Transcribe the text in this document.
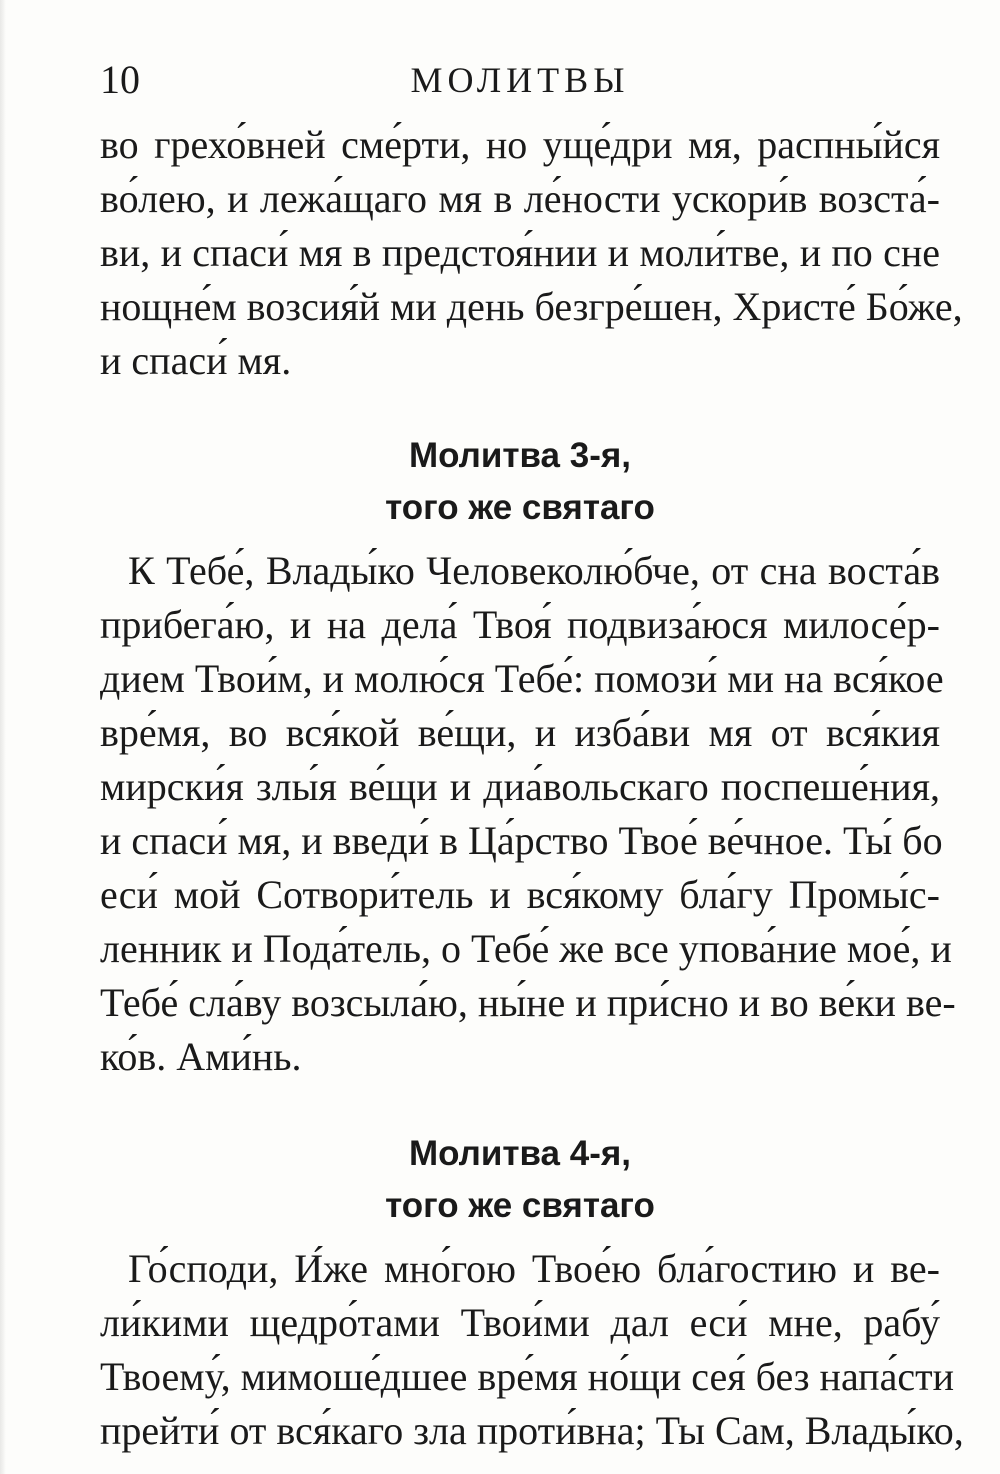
10	МОЛИТВЫ
во грехо́вней сме́рти, но уще́дри мя, распны́йся
во́лею, и лежа́щаго мя в ле́ности ускори́в возста́-
ви, и спаси́ мя в предстоя́нии и моли́тве, и по сне
нощне́м возсия́й ми день безгре́шен, Христе́ Бо́же,
и спаси́ мя.
Молитва 3-я,
того же святаго
К Тебе́, Влады́ко Человеколю́бче, от сна воста́в
прибега́ю, и на дела́ Твоя́ подвиза́юся милосе́р-
дием Твои́м, и молю́ся Тебе́: помози́ ми на вся́кое
вре́мя, во вся́кой ве́щи, и изба́ви мя от вся́кия
мирски́я злы́я ве́щи и диа́вольскаго поспеше́ния,
и спаси́ мя, и введи́ в Ца́рство Твое́ ве́чное. Ты́ бо
еси́ мой Сотвори́тель и вся́кому бла́гу Промы́с-
ленник и Пода́тель, о Тебе́ же все упова́ние мое́, и
Тебе́ сла́ву возсыла́ю, ны́не и при́сно и во ве́ки ве-
ко́в. Ами́нь.
Молитва 4-я,
того же святаго
Го́споди, И́же мно́гою Твое́ю бла́гостию и ве-
ли́кими щедро́тами Твои́ми дал еси́ мне, рабу́
Твоему́, мимоше́дшее вре́мя но́щи сея́ без напа́сти
прейти́ от вся́каго зла проти́вна; Ты Сам, Влады́ко,
